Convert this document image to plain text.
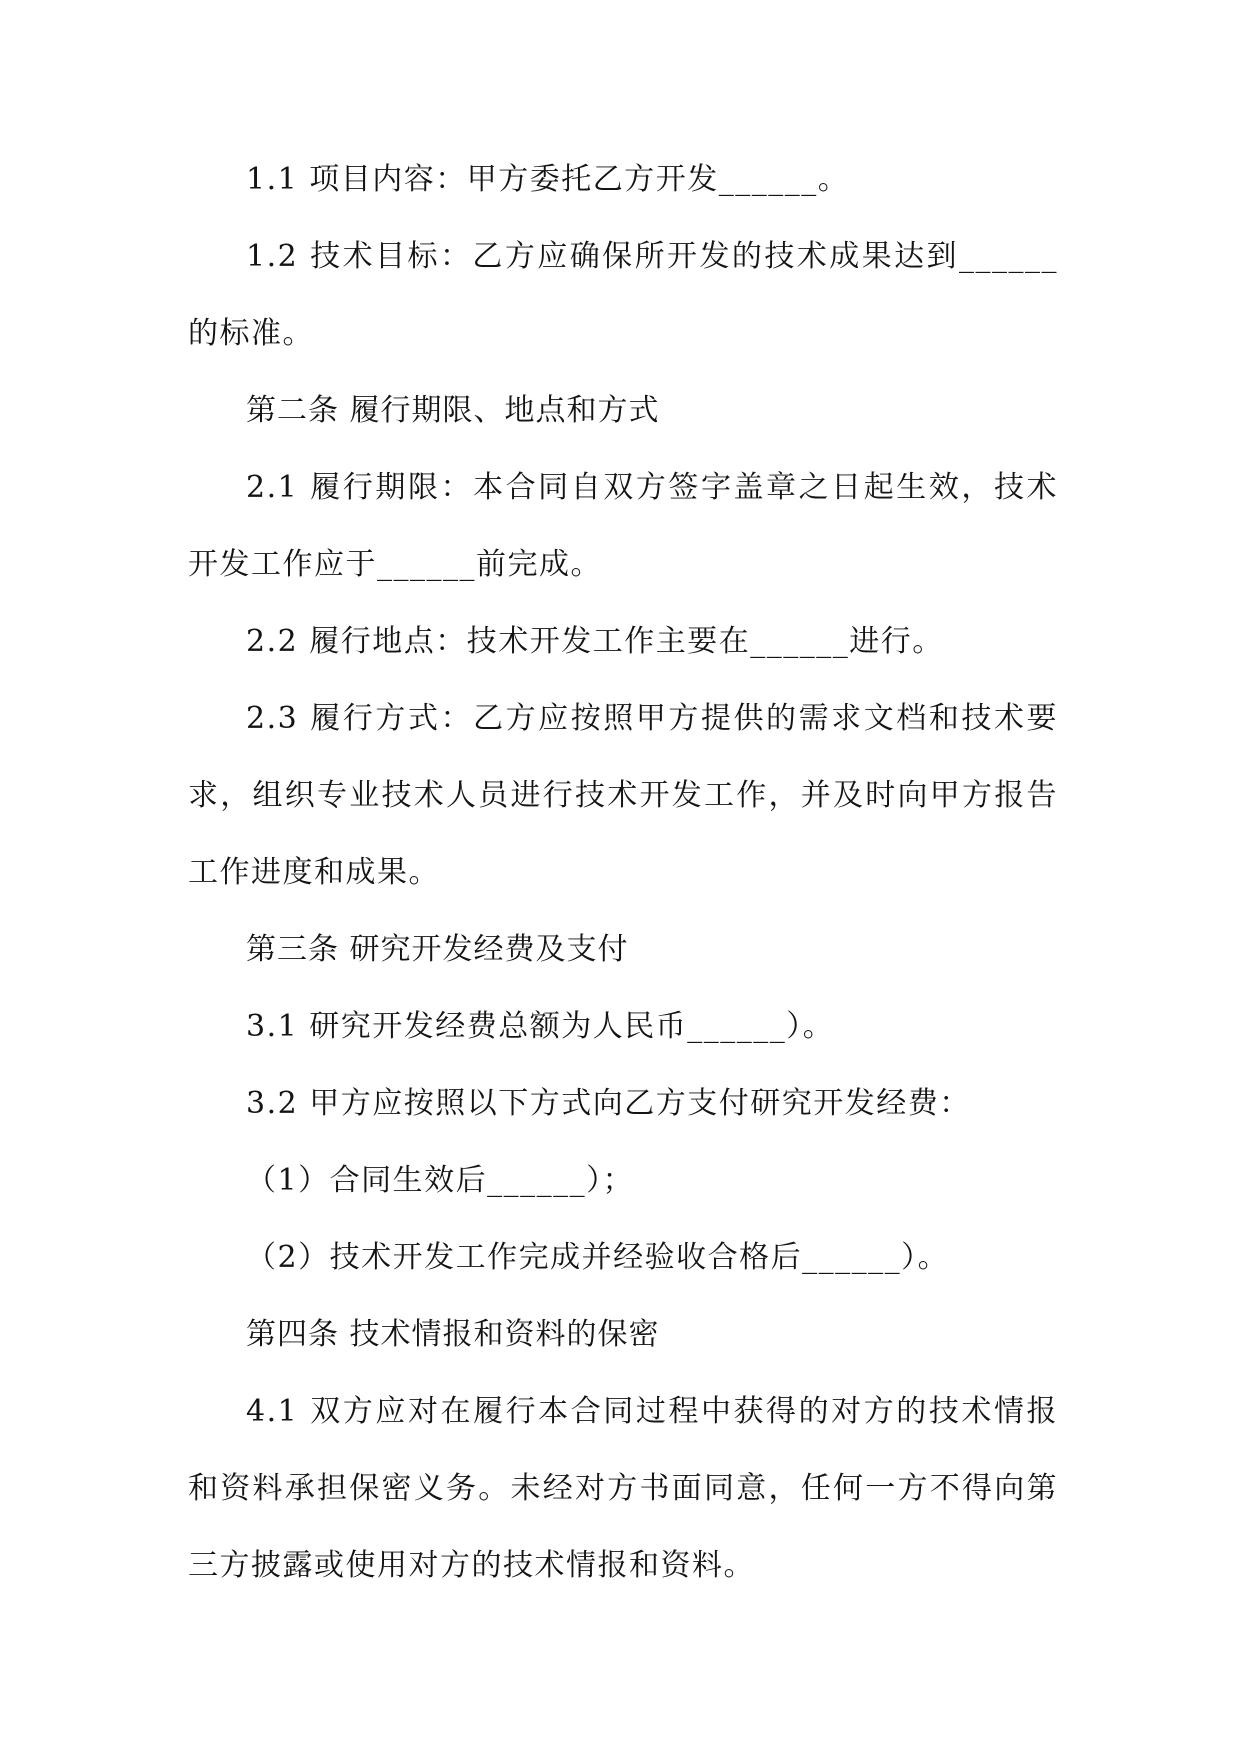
1.1 项目内容：甲方委托乙方开发______。

1.2 技术目标：乙方应确保所开发的技术成果达到______的标准。

第二条 履行期限、地点和方式

2.1 履行期限：本合同自双方签字盖章之日起生效，技术开发工作应于______前完成。

2.2 履行地点：技术开发工作主要在______进行。

2.3 履行方式：乙方应按照甲方提供的需求文档和技术要求，组织专业技术人员进行技术开发工作，并及时向甲方报告工作进度和成果。

第三条 研究开发经费及支付

3.1 研究开发经费总额为人民币______）。

3.2 甲方应按照以下方式向乙方支付研究开发经费：

（1）合同生效后______）；

（2）技术开发工作完成并经验收合格后______）。

第四条 技术情报和资料的保密

4.1 双方应对在履行本合同过程中获得的对方的技术情报和资料承担保密义务。未经对方书面同意，任何一方不得向第三方披露或使用对方的技术情报和资料。
